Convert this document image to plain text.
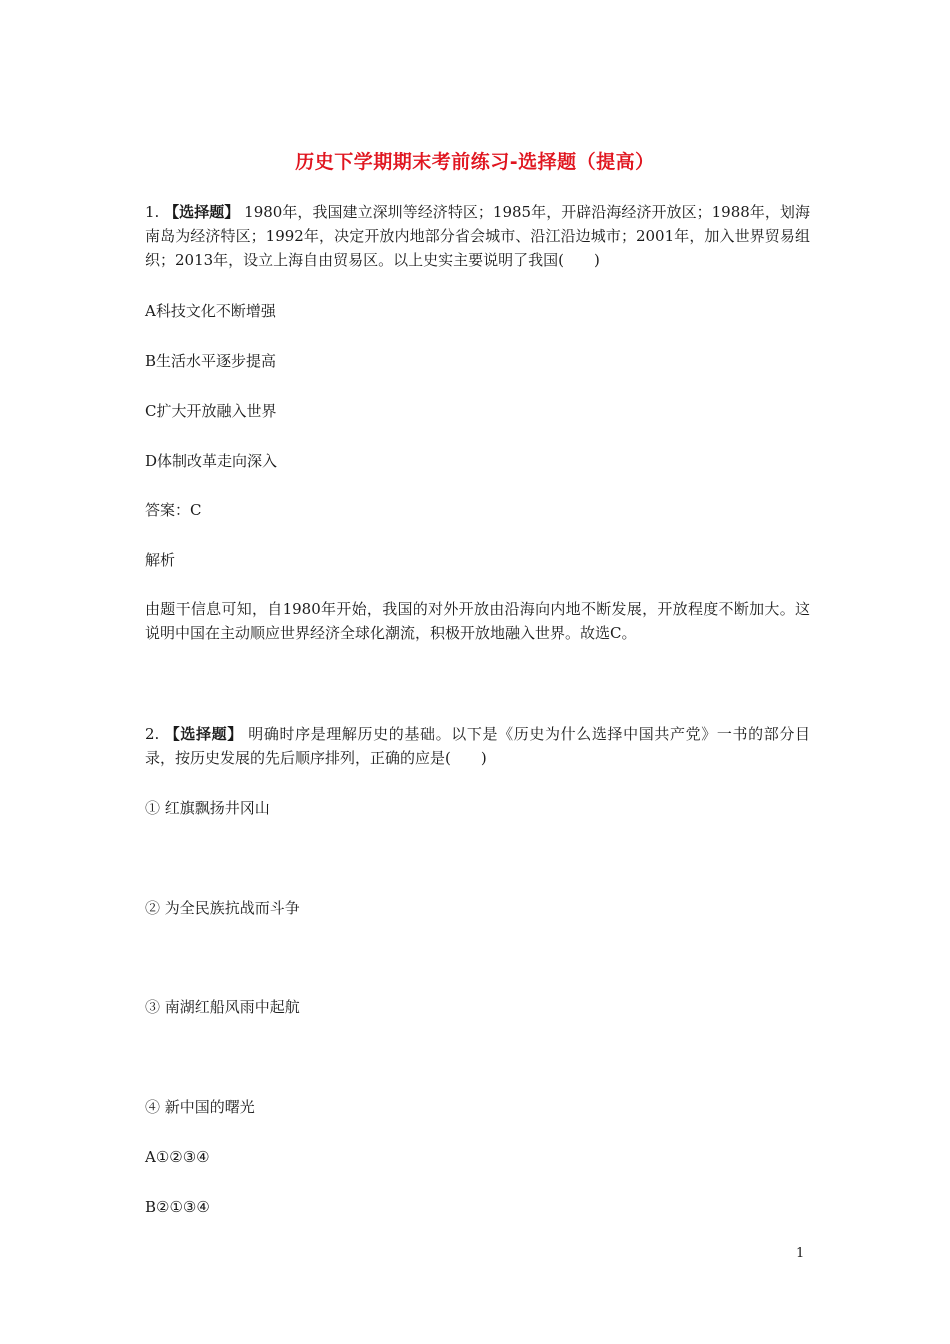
历史下学期期末考前练习-选择题（提高）
1. 【选择题】 1980年，我国建立深圳等经济特区；1985年，开辟沿海经济开放区；1988年，划海南岛为经济特区；1992年，决定开放内地部分省会城市、沿江沿边城市；2001年，加入世界贸易组织；2013年，设立上海自由贸易区。以上史实主要说明了我国(　　)
A科技文化不断增强
B生活水平逐步提高
C扩大开放融入世界
D体制改革走向深入
答案：C
解析
由题干信息可知，自1980年开始，我国的对外开放由沿海向内地不断发展，开放程度不断加大。这说明中国在主动顺应世界经济全球化潮流，积极开放地融入世界。故选C。
2. 【选择题】 明确时序是理解历史的基础。以下是《历史为什么选择中国共产党》一书的部分目录，按历史发展的先后顺序排列，正确的应是(　　)
① 红旗飘扬井冈山
② 为全民族抗战而斗争
③ 南湖红船风雨中起航
④ 新中国的曙光
A①②③④
B②①③④
1
